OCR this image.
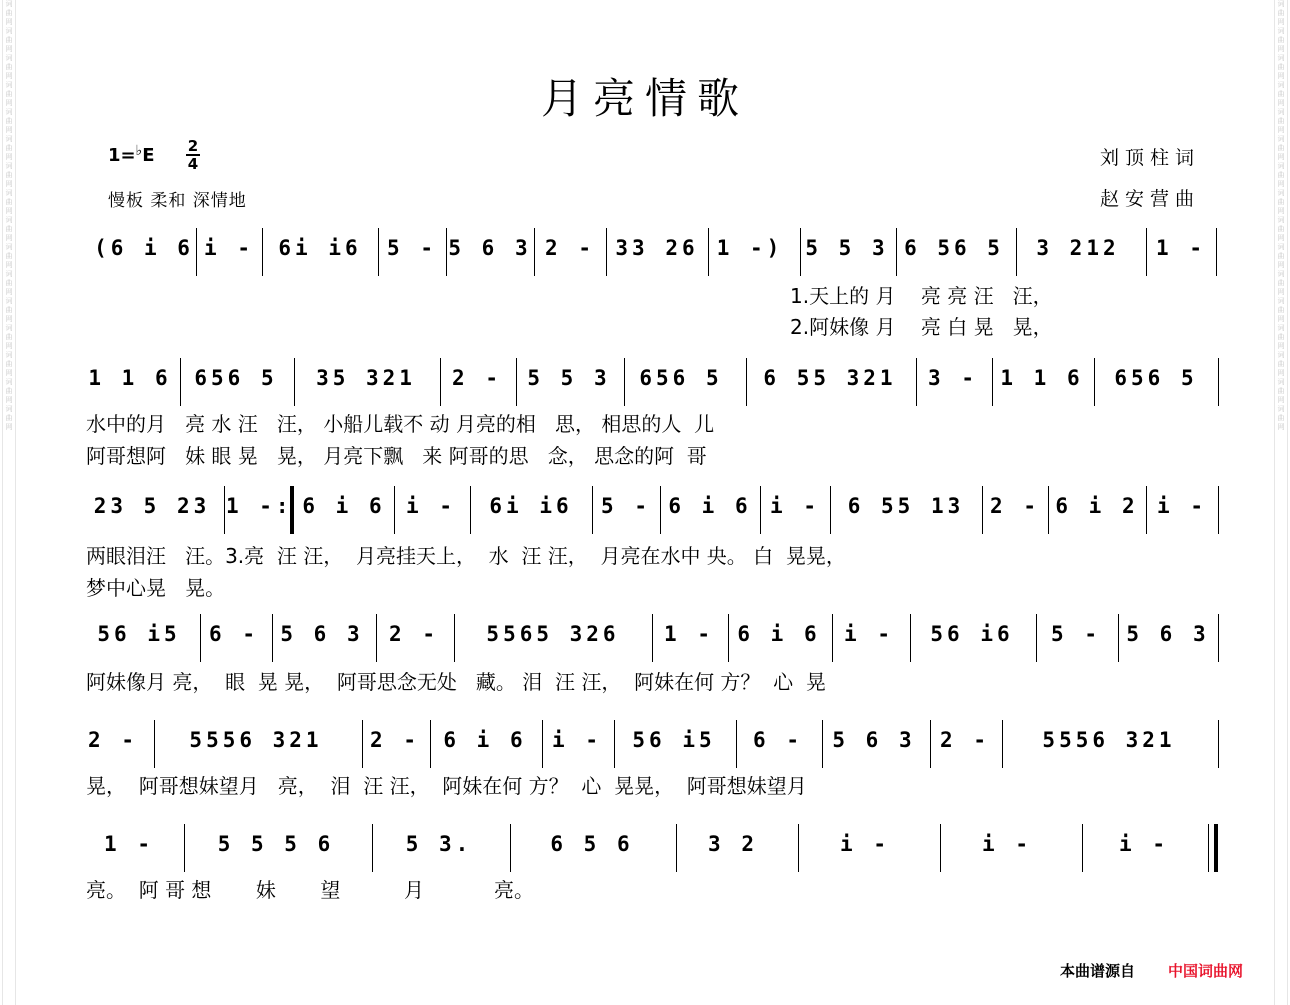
词曲网词曲网词曲网词曲网词曲网词曲网词曲网词曲网词曲网词曲网词曲网词曲网词曲网词曲网词曲网词曲网
词曲网词曲网词曲网词曲网词曲网词曲网词曲网词曲网词曲网词曲网词曲网词曲网词曲网词曲网词曲网词曲网
月亮情歌
1=♭E 2
4
慢板 柔和 深情地
刘顶柱词
赵安营曲
(6 i 6 i -	6i i6	5 - 5 6 3 2 - 33 26 1 -)	5 5 3 6 56 5	3 212	1 -
1.天上的 月    亮 亮 汪   汪，
2.阿妹像 月    亮 白 晃   晃，
1 1 6	656 5	35 321	2 -	5 5 3	656 5	6 55 321	3 -	1 1 6	656 5
水中的月   亮 水 汪   汪， 小船儿载不 动 月亮的相   思， 相思的人  儿
阿哥想阿   妹 眼 晃   晃， 月亮下飘   来 阿哥的思   念， 思念的阿  哥
23 5 23 1 -: 6 i 6 i -	6i i6	5 - 6 i 6 i -	6 55 13	2 - 6 i 2 i -
两眼泪汪   汪。3.亮  汪 汪，  月亮挂天上，  水  汪 汪，  月亮在水中 央。 白  晃晃，
梦中心晃   晃。
56 i5	6 -	5 6 3	2 -	5565 326	1 -	6 i 6	i -	56 i6	5 -	5 6 3
阿妹像月 亮，  眼  晃 晃，  阿哥思念无处   藏。 泪  汪 汪，  阿妹在何 方？  心  晃
2 -	5556 321	2 -	6 i 6	i -	56 i5	6 -	5 6 3	2 -	5556 321
晃，  阿哥想妹望月   亮，  泪  汪 汪，  阿妹在何 方？  心  晃晃，  阿哥想妹望月
1 -	5 5 5 6	5 3.	6 5 6	3 2	i -	i -	i -
亮。  阿 哥 想       妹       望          月           亮。
本曲谱源自 中国词曲网
